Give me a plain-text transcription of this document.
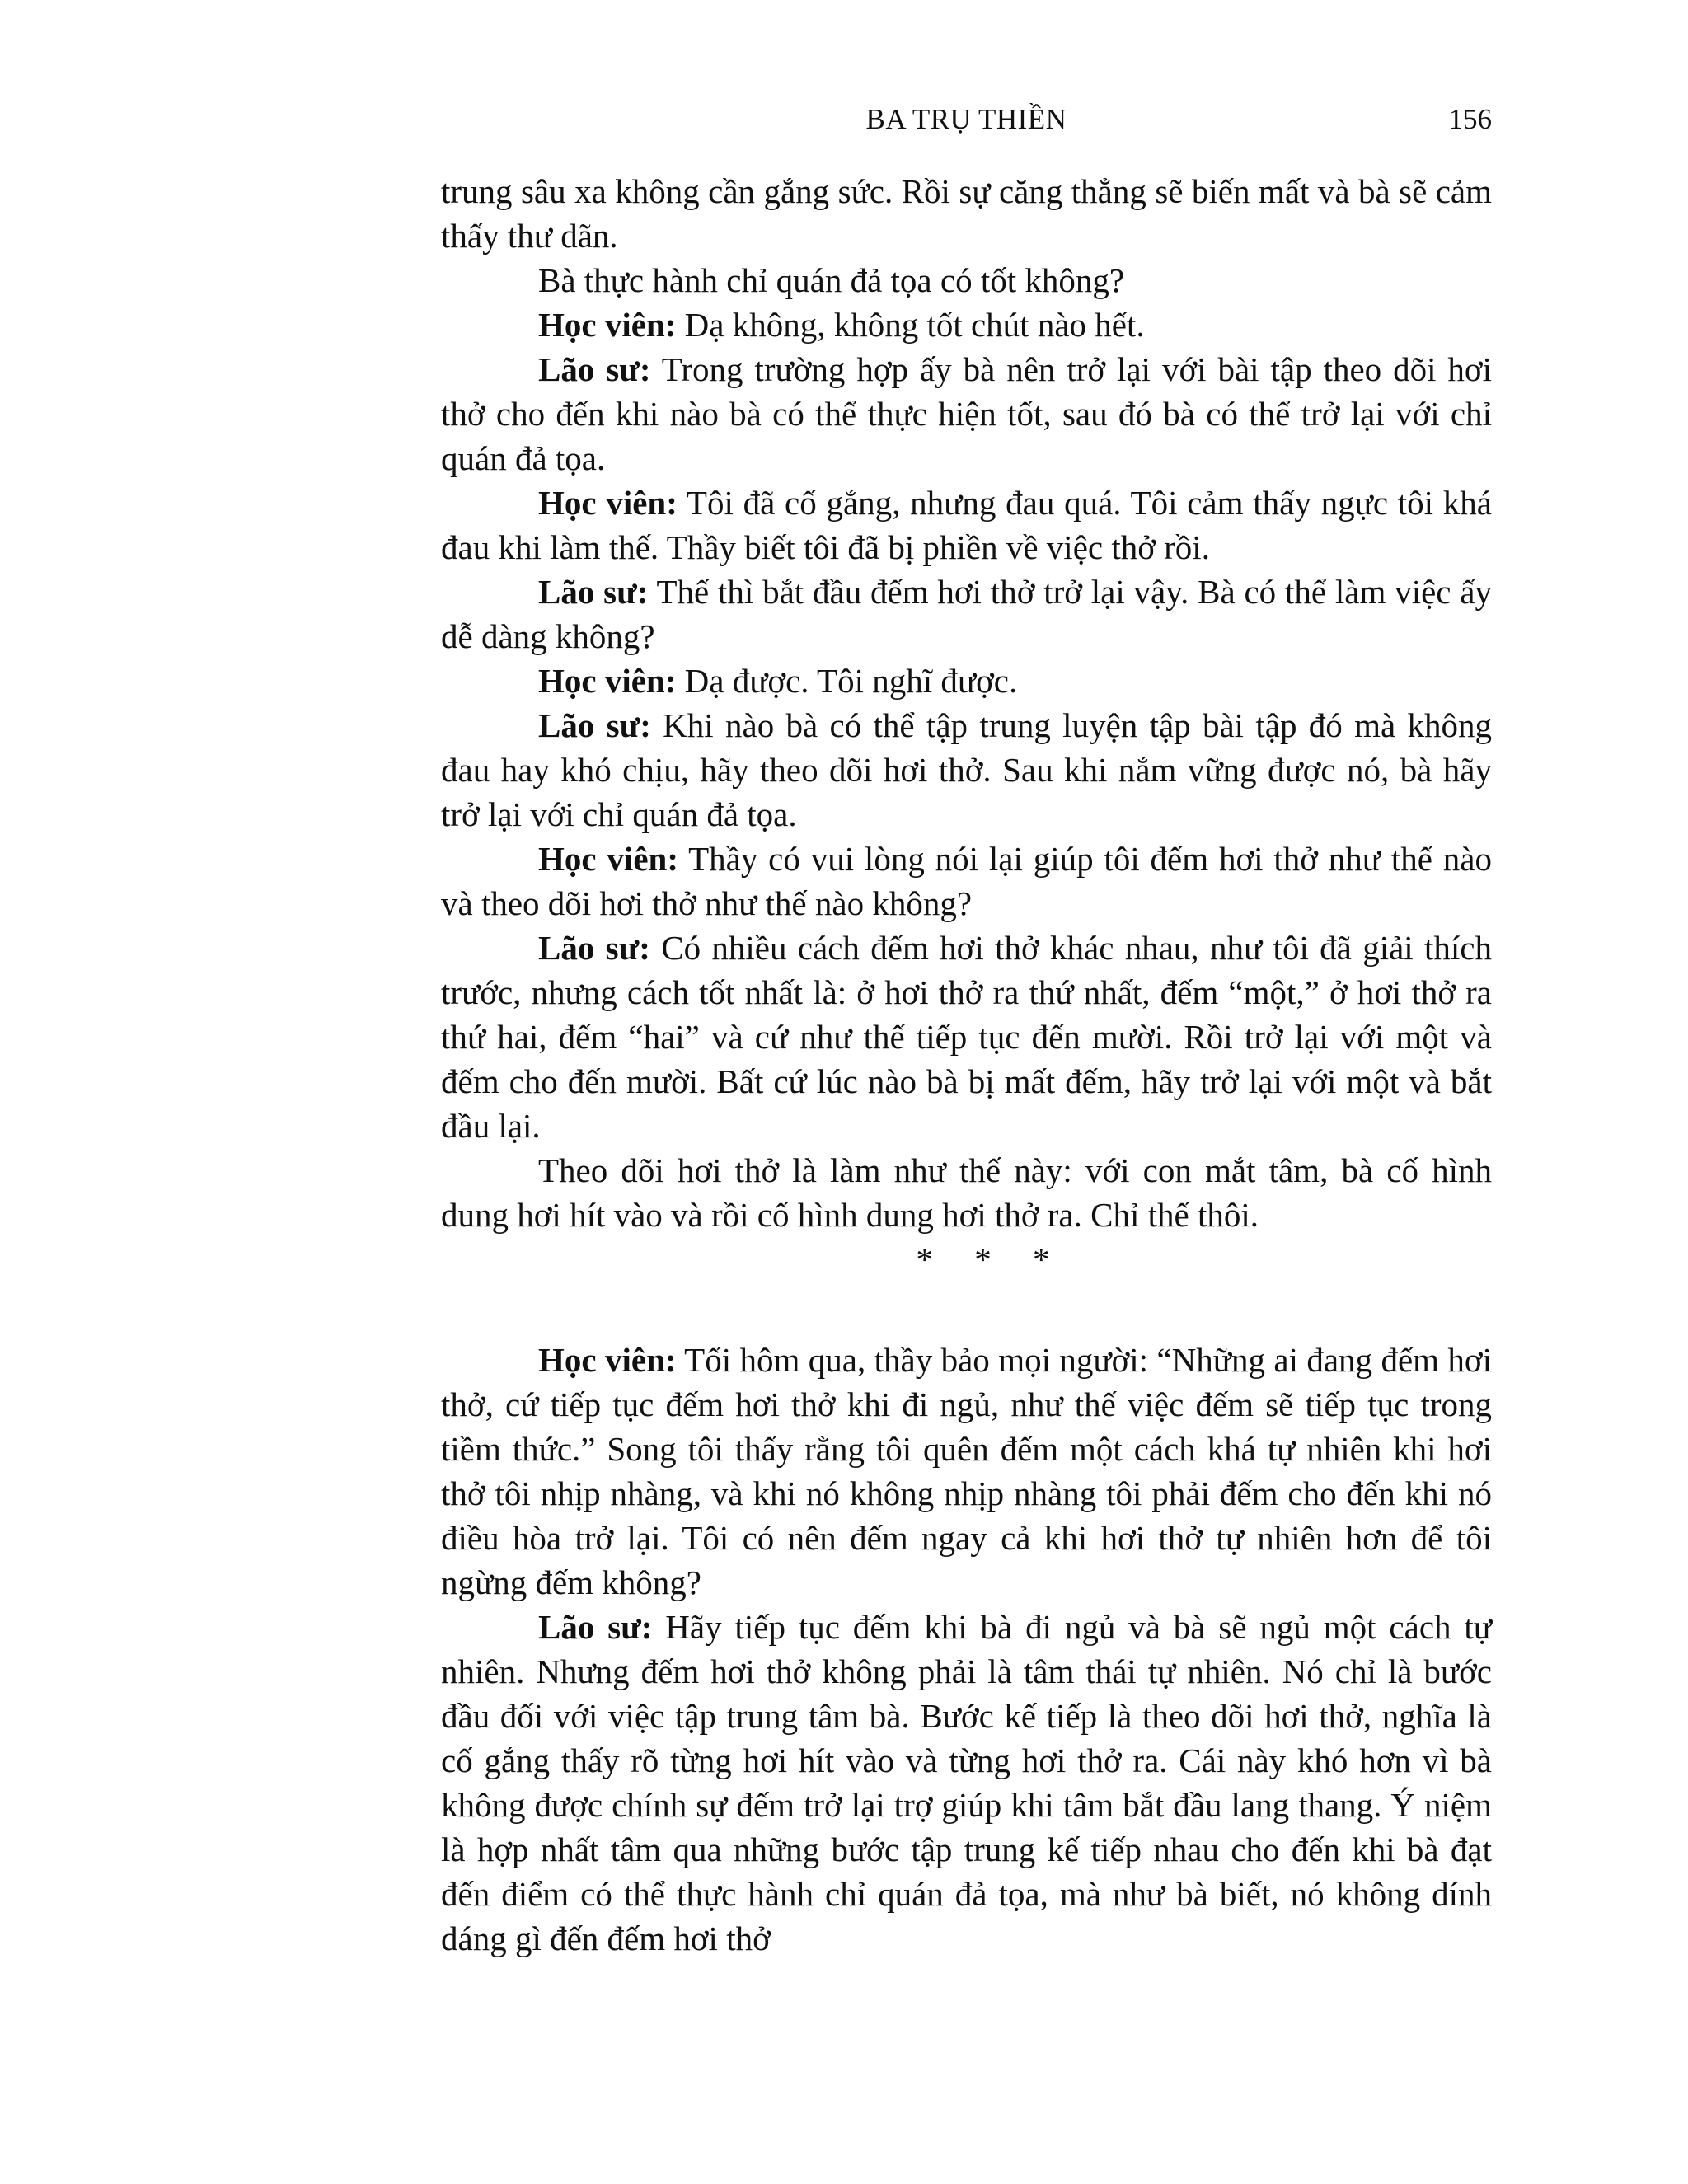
BA TRỤ THIỀN	156

trung sâu xa không cần gắng sức. Rồi sự căng thẳng sẽ biến mất và bà sẽ cảm thấy thư dãn.

Bà thực hành chỉ quán đả tọa có tốt không?

Học viên: Dạ không, không tốt chút nào hết.

Lão sư: Trong trường hợp ấy bà nên trở lại với bài tập theo dõi hơi thở cho đến khi nào bà có thể thực hiện tốt, sau đó bà có thể trở lại với chỉ quán đả tọa.

Học viên: Tôi đã cố gắng, nhưng đau quá. Tôi cảm thấy ngực tôi khá đau khi làm thế. Thầy biết tôi đã bị phiền về việc thở rồi.

Lão sư: Thế thì bắt đầu đếm hơi thở trở lại vậy. Bà có thể làm việc ấy dễ dàng không?

Học viên: Dạ được. Tôi nghĩ được.

Lão sư: Khi nào bà có thể tập trung luyện tập bài tập đó mà không đau hay khó chịu, hãy theo dõi hơi thở. Sau khi nắm vững được nó, bà hãy trở lại với chỉ quán đả tọa.

Học viên: Thầy có vui lòng nói lại giúp tôi đếm hơi thở như thế nào và theo dõi hơi thở như thế nào không?

Lão sư: Có nhiều cách đếm hơi thở khác nhau, như tôi đã giải thích trước, nhưng cách tốt nhất là: ở hơi thở ra thứ nhất, đếm “một,” ở hơi thở ra thứ hai, đếm “hai” và cứ như thế tiếp tục đến mười. Rồi trở lại với một và đếm cho đến mười. Bất cứ lúc nào bà bị mất đếm, hãy trở lại với một và bắt đầu lại.

Theo dõi hơi thở là làm như thế này: với con mắt tâm, bà cố hình dung hơi hít vào và rồi cố hình dung hơi thở ra. Chỉ thế thôi.

* * *

Học viên: Tối hôm qua, thầy bảo mọi người: “Những ai đang đếm hơi thở, cứ tiếp tục đếm hơi thở khi đi ngủ, như thế việc đếm sẽ tiếp tục trong tiềm thức.” Song tôi thấy rằng tôi quên đếm một cách khá tự nhiên khi hơi thở tôi nhịp nhàng, và khi nó không nhịp nhàng tôi phải đếm cho đến khi nó điều hòa trở lại. Tôi có nên đếm ngay cả khi hơi thở tự nhiên hơn để tôi ngừng đếm không?

Lão sư: Hãy tiếp tục đếm khi bà đi ngủ và bà sẽ ngủ một cách tự nhiên. Nhưng đếm hơi thở không phải là tâm thái tự nhiên. Nó chỉ là bước đầu đối với việc tập trung tâm bà. Bước kế tiếp là theo dõi hơi thở, nghĩa là cố gắng thấy rõ từng hơi hít vào và từng hơi thở ra. Cái này khó hơn vì bà không được chính sự đếm trở lại trợ giúp khi tâm bắt đầu lang thang. Ý niệm là hợp nhất tâm qua những bước tập trung kế tiếp nhau cho đến khi bà đạt đến điểm có thể thực hành chỉ quán đả tọa, mà như bà biết, nó không dính dáng gì đến đếm hơi thở
